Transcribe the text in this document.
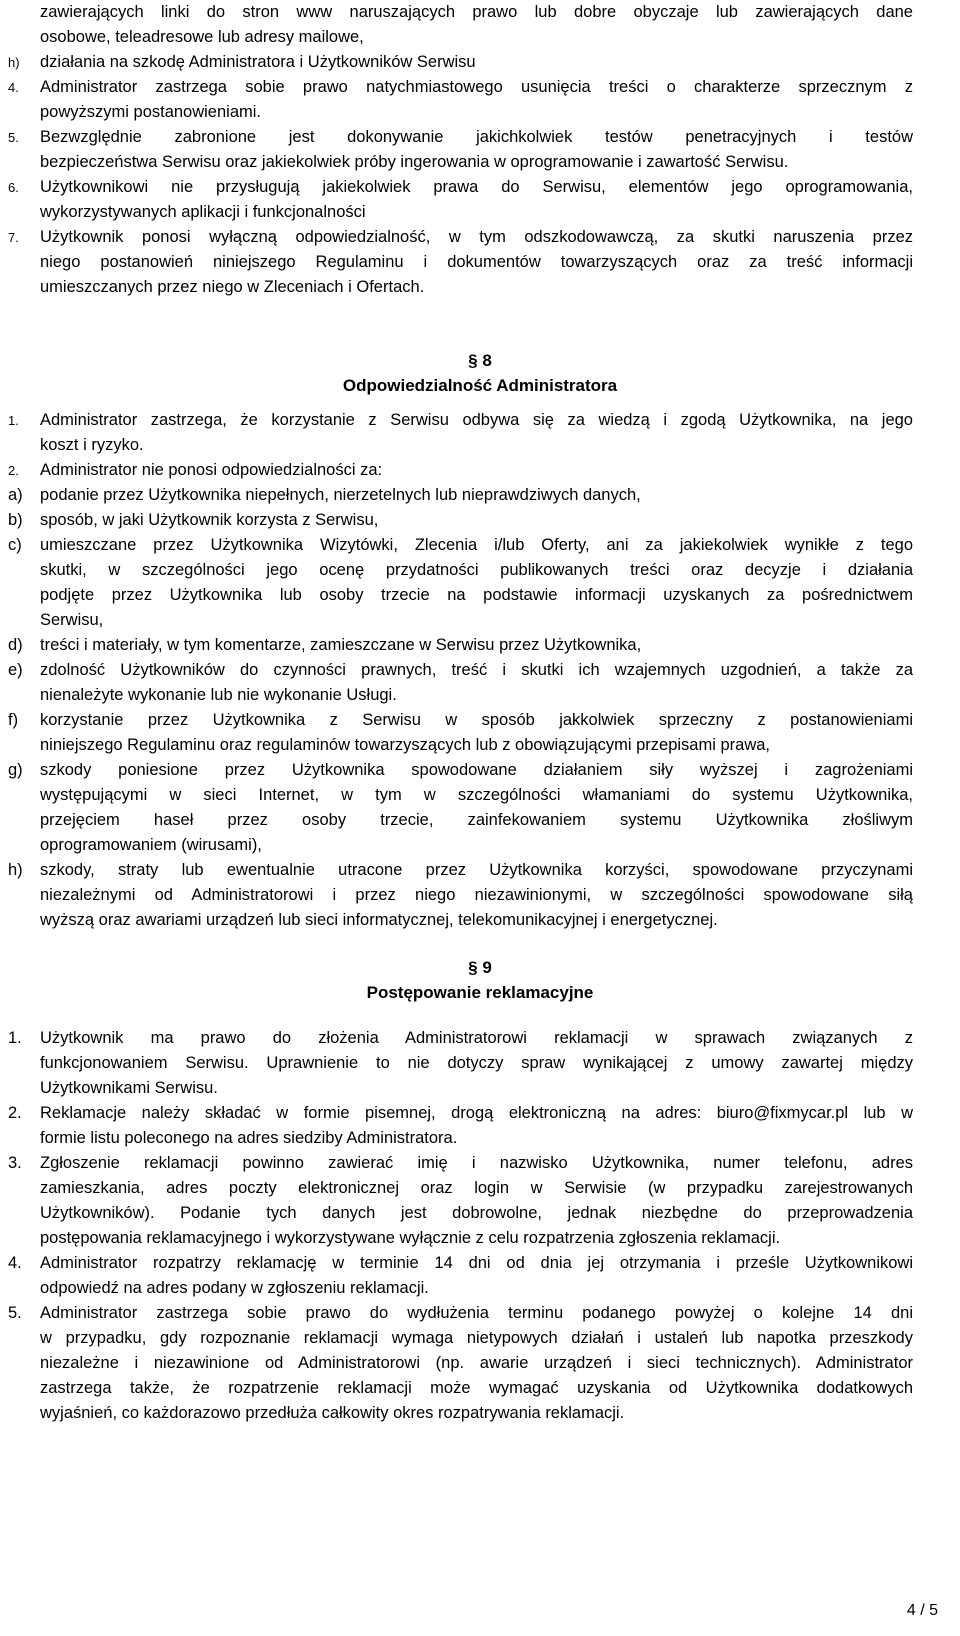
zawierających linki do stron www naruszających prawo lub dobre obyczaje lub zawierających dane
osobowe, teleadresowe lub adresy mailowe,
h) działania na szkodę Administratora i Użytkowników Serwisu
4. Administrator zastrzega sobie prawo natychmiastowego usunięcia treści o charakterze sprzecznym z
powyższymi postanowieniami.
5. Bezwzględnie zabronione jest dokonywanie jakichkolwiek testów penetracyjnych i testów
bezpieczeństwa Serwisu oraz jakiekolwiek próby ingerowania w oprogramowanie i zawartość Serwisu.
6. Użytkownikowi nie przysługują jakiekolwiek prawa do Serwisu, elementów jego oprogramowania,
wykorzystywanych aplikacji i funkcjonalności
7. Użytkownik ponosi wyłączną odpowiedzialność, w tym odszkodowawczą, za skutki naruszenia przez
niego postanowień niniejszego Regulaminu i dokumentów towarzyszących oraz za treść informacji
umieszczanych przez niego w Zleceniach i Ofertach.
§ 8
Odpowiedzialność Administratora
1. Administrator zastrzega, że korzystanie z Serwisu odbywa się za wiedzą i zgodą Użytkownika, na jego
koszt i ryzyko.
2. Administrator nie ponosi odpowiedzialności za:
a) podanie przez Użytkownika niepełnych, nierzetelnych lub nieprawdziwych danych,
b) sposób, w jaki Użytkownik korzysta z Serwisu,
c) umieszczane przez Użytkownika Wizytówki, Zlecenia i/lub Oferty, ani za jakiekolwiek wynikłe z tego
skutki, w szczególności jego ocenę przydatności publikowanych treści oraz decyzje i działania
podjęte przez Użytkownika lub osoby trzecie na podstawie informacji uzyskanych za pośrednictwem
Serwisu,
d) treści i materiały, w tym komentarze, zamieszczane w Serwisu przez Użytkownika,
e) zdolność Użytkowników do czynności prawnych, treść i skutki ich wzajemnych uzgodnień, a także za
nienależyte wykonanie lub nie wykonanie Usługi.
f) korzystanie przez Użytkownika z Serwisu w sposób jakkolwiek sprzeczny z postanowieniami
niniejszego Regulaminu oraz regulaminów towarzyszących lub z obowiązującymi przepisami prawa,
g) szkody poniesione przez Użytkownika spowodowane działaniem siły wyższej i zagrożeniami
występującymi w sieci Internet, w tym w szczególności włamaniami do systemu Użytkownika,
przejęciem haseł przez osoby trzecie, zainfekowaniem systemu Użytkownika złośliwym
oprogramowaniem (wirusami),
h) szkody, straty lub ewentualnie utracone przez Użytkownika korzyści, spowodowane przyczynami
niezależnymi od Administratorowi i przez niego niezawinionymi, w szczególności spowodowane siłą
wyższą oraz awariami urządzeń lub sieci informatycznej, telekomunikacyjnej i energetycznej.
§ 9
Postępowanie reklamacyjne
1. Użytkownik ma prawo do złożenia Administratorowi reklamacji w sprawach związanych z
funkcjonowaniem Serwisu. Uprawnienie to nie dotyczy spraw wynikającej z umowy zawartej między
Użytkownikami Serwisu.
2. Reklamacje należy składać w formie pisemnej, drogą elektroniczną na adres: biuro@fixmycar.pl lub w
formie listu poleconego na adres siedziby Administratora.
3. Zgłoszenie reklamacji powinno zawierać imię i nazwisko Użytkownika, numer telefonu, adres
zamieszkania, adres poczty elektronicznej oraz login w Serwisie (w przypadku zarejestrowanych
Użytkowników). Podanie tych danych jest dobrowolne, jednak niezbędne do przeprowadzenia
postępowania reklamacyjnego i wykorzystywane wyłącznie z celu rozpatrzenia zgłoszenia reklamacji.
4. Administrator rozpatrzy reklamację w terminie 14 dni od dnia jej otrzymania i prześle Użytkownikowi
odpowiedź na adres podany w zgłoszeniu reklamacji.
5. Administrator zastrzega sobie prawo do wydłużenia terminu podanego powyżej o kolejne 14 dni
w przypadku, gdy rozpoznanie reklamacji wymaga nietypowych działań i ustaleń lub napotka przeszkody
niezależne i niezawinione od Administratorowi (np. awarie urządzeń i sieci technicznych). Administrator
zastrzega także, że rozpatrzenie reklamacji może wymagać uzyskania od Użytkownika dodatkowych
wyjaśnień, co każdorazowo przedłuża całkowity okres rozpatrywania reklamacji.
4 / 5
